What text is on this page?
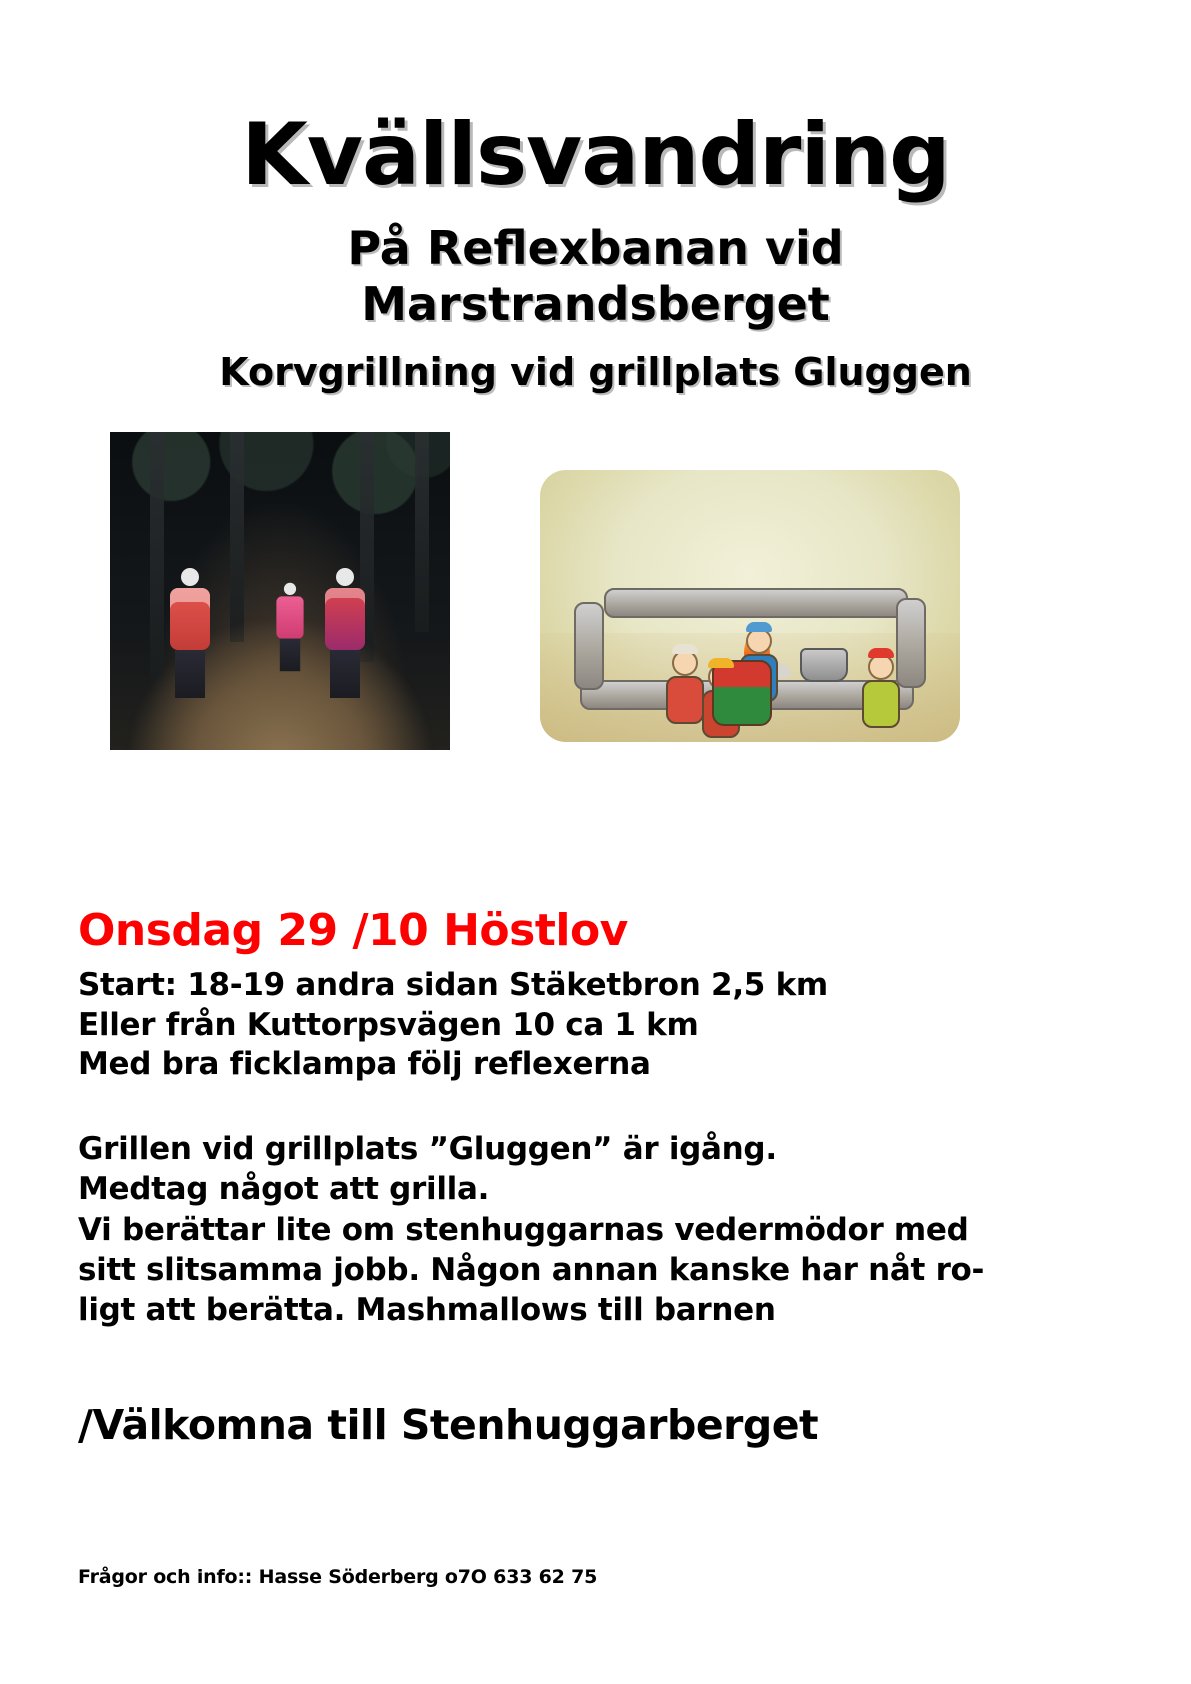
Kvällsvandring
På Reflexbanan vid
Marstrandsberget
Korvgrillning vid grillplats Gluggen
Onsdag 29 /10 Höstlov
Start: 18-19 andra sidan Stäketbron 2,5 km
Eller från Kuttorpsvägen 10 ca 1 km
Med bra ficklampa följ reflexerna
Grillen vid grillplats ”Gluggen” är igång.
Medtag något att grilla.
Vi berättar lite om stenhuggarnas vedermödor med
sitt slitsamma jobb. Någon annan kanske har nåt ro-
ligt att berätta. Mashmallows till barnen
/Välkomna till Stenhuggarberget
Frågor och info:: Hasse Söderberg o7O 633 62 75
